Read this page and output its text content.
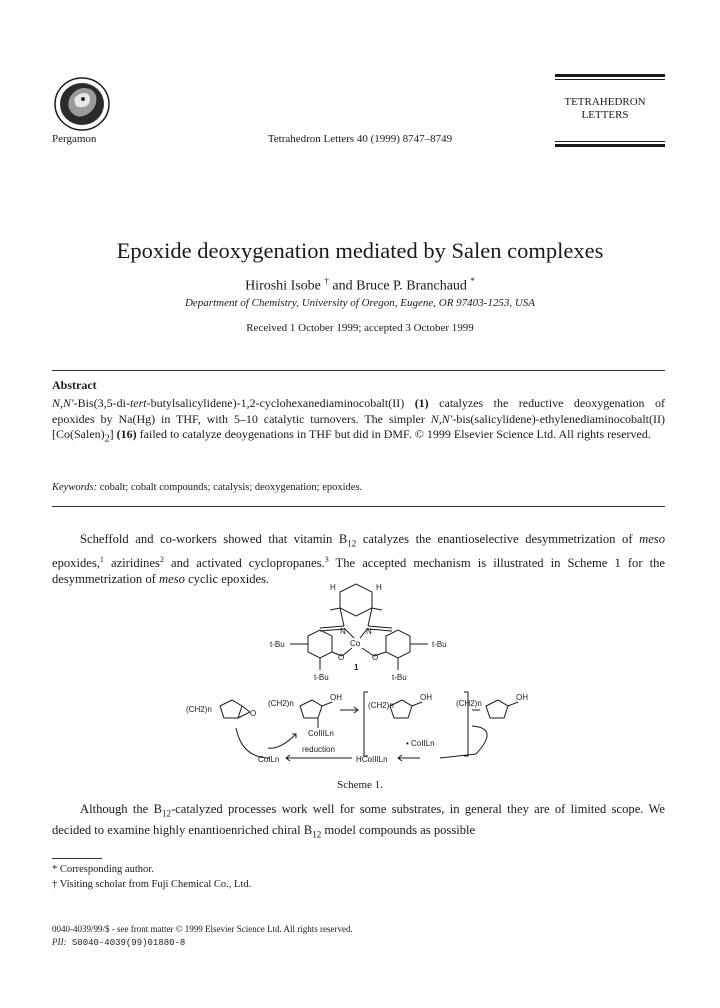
Pergamon	Tetrahedron Letters 40 (1999) 8747–8749
TETRAHEDRON
LETTERS
Epoxide deoxygenation mediated by Salen complexes
Hiroshi Isobe † and Bruce P. Branchaud *
Department of Chemistry, University of Oregon, Eugene, OR 97403-1253, USA
Received 1 October 1999; accepted 3 October 1999
Abstract
N,N′-Bis(3,5-di-tert-butylsalicylidene)-1,2-cyclohexanediaminocobalt(II) (1) catalyzes the reductive deoxygenation of epoxides by Na(Hg) in THF, with 5–10 catalytic turnovers. The simpler N,N′-bis(salicylidene)-ethylenediaminocobalt(II) $[Co(Salen)_2]$ (16) failed to catalyze deoygenations in THF but did in DMF. © 1999 Elsevier Science Ltd. All rights reserved.
Keywords: cobalt; cobalt compounds; catalysis; deoxygenation; epoxides.
Scheffold and co-workers showed that vitamin $B_{12}$ catalyzes the enantioselective desymmetrization of meso epoxides,$^1$ aziridines$^2$ and activated cyclopropanes.$^3$ The accepted mechanism is illustrated in Scheme 1 for the desymmetrization of meso cyclic epoxides.
H	H
N	N
Co
O	O
t-Bu	t-Bu
t-Bu	t-Bu
1
(CH2)n	O
(CH2)n
OH
CoIIILn
(CH2)n
OH
• CoIILn
(CH2)n
OH
CoILn
reduction
HCoIIILn
Scheme 1.
Although the $B_{12}$-catalyzed processes work well for some substrates, in general they are of limited scope. We decided to examine highly enantioenriched chiral $B_{12}$ model compounds as possible
* Corresponding author.
† Visiting scholar from Fuji Chemical Co., Ltd.
0040-4039/99/$ - see front matter © 1999 Elsevier Science Ltd. All rights reserved.
PII: S0040-4039(99)01880-8
